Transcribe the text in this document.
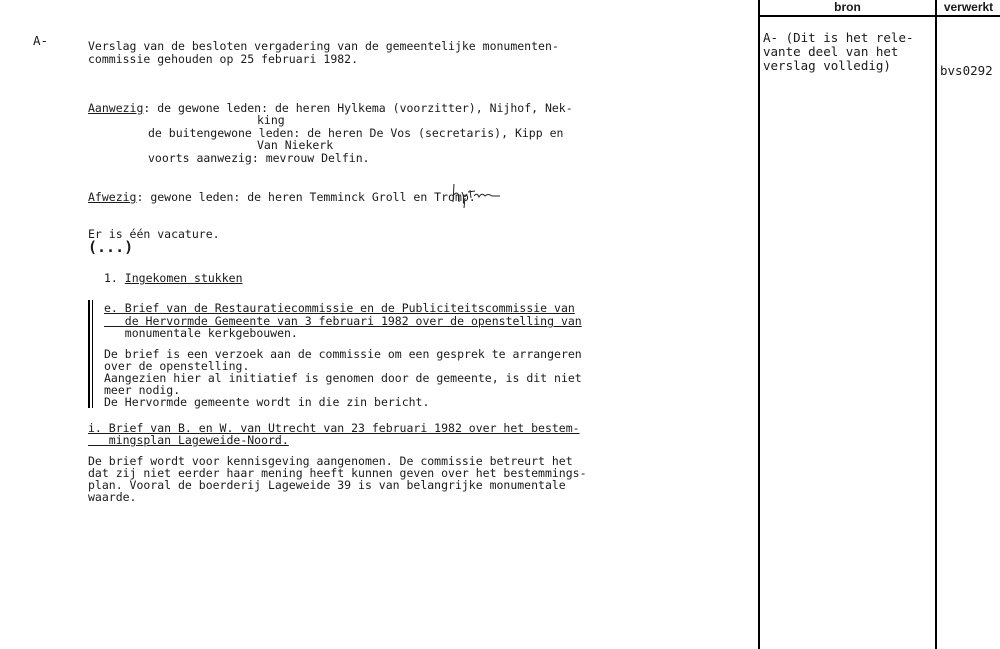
A-	Verslag van de besloten vergadering van de gemeentelijke monumenten-
commissie gehouden op 25 februari 1982.
Aanwezig: de gewone leden: de heren Hylkema (voorzitter), Nijhof, Nek-
king
de buitengewone leden: de heren De Vos (secretaris), Kipp en
Van Niekerk
voorts aanwezig: mevrouw Delfin.
Afwezig: gewone leden: de heren Temminck Groll en Tromp.
Er is één vacature.
(...)
1. Ingekomen stukken
e. Brief van de Restauratiecommissie en de Publiciteitscommissie van
de Hervormde Gemeente van 3 februari 1982 over de openstelling van
monumentale kerkgebouwen.
De brief is een verzoek aan de commissie om een gesprek te arrangeren
over de openstelling.
Aangezien hier al initiatief is genomen door de gemeente, is dit niet
meer nodig.
De Hervormde gemeente wordt in die zin bericht.
i. Brief van B. en W. van Utrecht van 23 februari 1982 over het bestem-
mingsplan Lageweide-Noord.
De brief wordt voor kennisgeving aangenomen. De commissie betreurt het
dat zij niet eerder haar mening heeft kunnen geven over het bestemmings-
plan. Vooral de boerderij Lageweide 39 is van belangrijke monumentale
waarde.
bron	verwerkt
A- (Dit is het rele-
vante deel van het
verslag volledig)	bvs0292
